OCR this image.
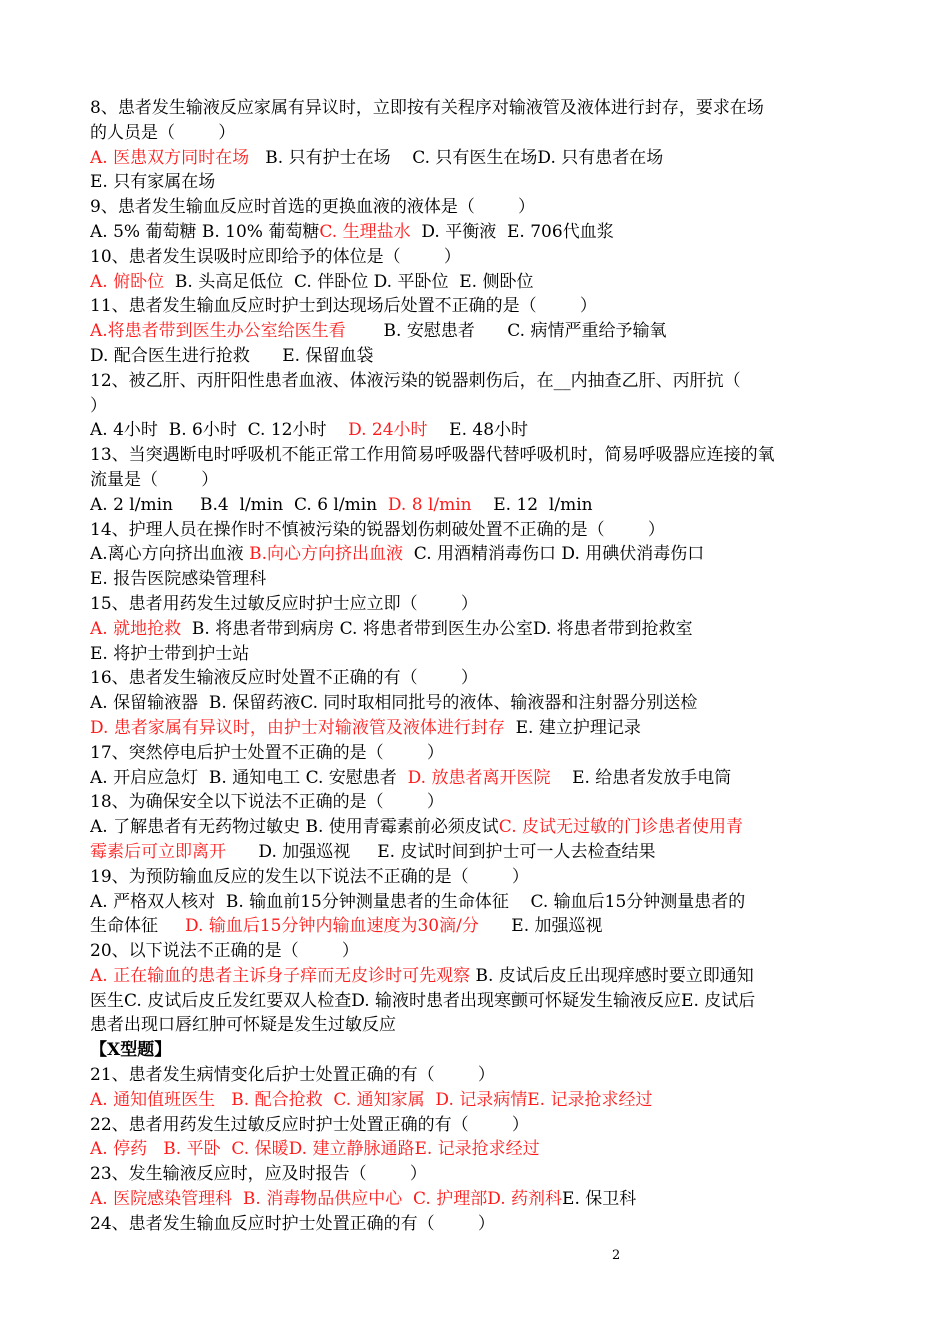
8、患者发生输液反应家属有异议时，立即按有关程序对输液管及液体进行封存，要求在场
的人员是（        ）
A. 医患双方同时在场   B. 只有护士在场    C. 只有医生在场D. 只有患者在场
E. 只有家属在场
9、患者发生输血反应时首选的更换血液的液体是（        ）
A. 5% 葡萄糖 B. 10% 葡萄糖C. 生理盐水  D. 平衡液  E. 706代血浆
10、患者发生误吸时应即给予的体位是（        ）
A. 俯卧位  B. 头高足低位  C. 伴卧位 D. 平卧位  E. 侧卧位
11、患者发生输血反应时护士到达现场后处置不正确的是（        ）
A.将患者带到医生办公室给医生看       B. 安慰患者      C. 病情严重给予输氧
D. 配合医生进行抢救      E. 保留血袋
12、被乙肝、丙肝阳性患者血液、体液污染的锐器刺伤后，在__内抽查乙肝、丙肝抗（
）
A. 4小时  B. 6小时  C. 12小时    D. 24小时    E. 48小时
13、当突遇断电时呼吸机不能正常工作用简易呼吸器代替呼吸机时，简易呼吸器应连接的氧
流量是（        ）
A. 2 l/min     B.4  l/min  C. 6 l/min  D. 8 l/min    E. 12  l/min
14、护理人员在操作时不慎被污染的锐器划伤刺破处置不正确的是（        ）
A.离心方向挤出血液 B.向心方向挤出血液  C. 用酒精消毒伤口 D. 用碘伏消毒伤口
E. 报告医院感染管理科
15、患者用药发生过敏反应时护士应立即（        ）
A. 就地抢救  B. 将患者带到病房 C. 将患者带到医生办公室D. 将患者带到抢救室
E. 将护士带到护士站
16、患者发生输液反应时处置不正确的有（        ）
A. 保留输液器  B. 保留药液C. 同时取相同批号的液体、输液器和注射器分别送检
D. 患者家属有异议时，由护士对输液管及液体进行封存  E. 建立护理记录
17、突然停电后护士处置不正确的是（        ）
A. 开启应急灯  B. 通知电工 C. 安慰患者  D. 放患者离开医院    E. 给患者发放手电筒
18、为确保安全以下说法不正确的是（        ）
A. 了解患者有无药物过敏史 B. 使用青霉素前必须皮试C. 皮试无过敏的门诊患者使用青
霉素后可立即离开      D. 加强巡视     E. 皮试时间到护士可一人去检查结果
19、为预防输血反应的发生以下说法不正确的是（        ）
A. 严格双人核对  B. 输血前15分钟测量患者的生命体征    C. 输血后15分钟测量患者的
生命体征     D. 输血后15分钟内输血速度为30滴/分      E. 加强巡视
20、以下说法不正确的是（        ）
A. 正在输血的患者主诉身子痒而无皮诊时可先观察 B. 皮试后皮丘出现痒感时要立即通知
医生C. 皮试后皮丘发红要双人检查D. 输液时患者出现寒颤可怀疑发生输液反应E. 皮试后
患者出现口唇红肿可怀疑是发生过敏反应
【X型题】
21、患者发生病情变化后护士处置正确的有（        ）
A. 通知值班医生   B. 配合抢救  C. 通知家属  D. 记录病情E. 记录抢求经过
22、患者用药发生过敏反应时护士处置正确的有（        ）
A. 停药   B. 平卧  C. 保暖D. 建立静脉通路E. 记录抢求经过
23、发生输液反应时，应及时报告（        ）
A. 医院感染管理科  B. 消毒物品供应中心  C. 护理部D. 药剂科E. 保卫科
24、患者发生输血反应时护士处置正确的有（        ）
2
